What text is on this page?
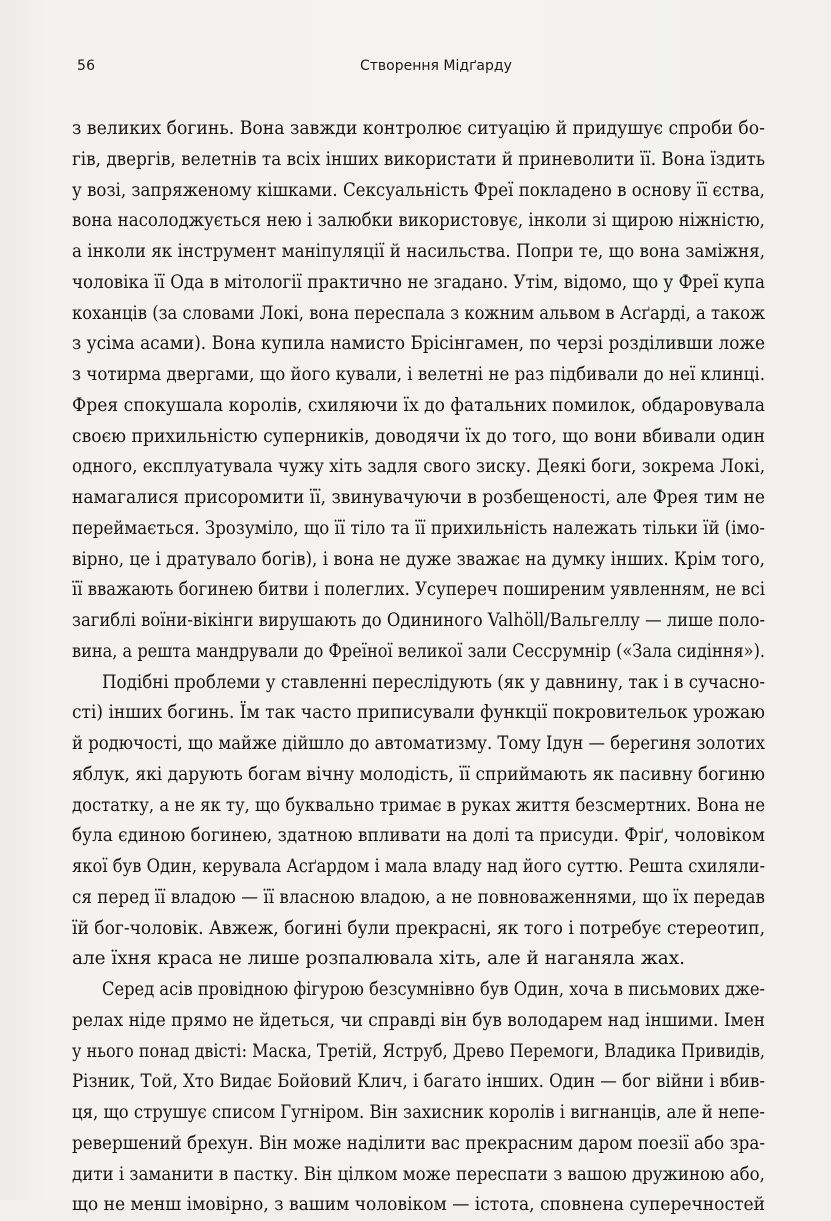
56	Створення Мідґарду
з великих богинь. Вона завжди контролює ситуацію й придушує спроби бо-
гів, двергів, велетнів та всіх інших використати й приневолити її. Вона їздить
у возі, запряженому кішками. Сексуальність Фреї покладено в основу її єства,
вона насолоджується нею і залюбки використовує, інколи зі щирою ніжністю,
а інколи як інструмент маніпуляції й насильства. Попри те, що вона заміжня,
чоловіка її Ода в мітології практично не згадано. Утім, відомо, що у Фреї купа
коханців (за словами Локі, вона переспала з кожним альвом в Асґарді, а також
з усіма асами). Вона купила намисто Брісінгамен, по черзі розділивши ложе
з чотирма двергами, що його кували, і велетні не раз підбивали до неї клинці.
Фрея спокушала королів, схиляючи їх до фатальних помилок, обдаровувала
своєю прихильністю суперників, доводячи їх до того, що вони вбивали один
одного, експлуатувала чужу хіть задля свого зиску. Деякі боги, зокрема Локі,
намагалися присоромити її, звинувачуючи в розбещеності, але Фрея тим не
переймається. Зрозуміло, що її тіло та її прихильність належать тільки їй (імо-
вірно, це і дратувало богів), і вона не дуже зважає на думку інших. Крім того,
її вважають богинею битви і полеглих. Усупереч поширеним уявленням, не всі
загиблі воїни-вікінги вирушають до Одининого Valhöll/Вальгеллу — лише поло-
вина, а решта мандрували до Фреїної великої зали Сессрумнір («Зала сидіння»).
Подібні проблеми у ставленні переслідують (як у давнину, так і в сучасно-
сті) інших богинь. Їм так часто приписували функції покровительок урожаю
й родючості, що майже дійшло до автоматизму. Тому Ідун — берегиня золотих
яблук, які дарують богам вічну молодість, її сприймають як пасивну богиню
достатку, а не як ту, що буквально тримає в руках життя безсмертних. Вона не
була єдиною богинею, здатною впливати на долі та присуди. Фріґ, чоловіком
якої був Один, керувала Асґардом і мала владу над його суттю. Решта схиляли-
ся перед її владою — її власною владою, а не повноваженнями, що їх передав
їй бог-чоловік. Авжеж, богині були прекрасні, як того і потребує стереотип,
але їхня краса не лише розпалювала хіть, але й наганяла жах.
Серед асів провідною фігурою безсумнівно був Один, хоча в письмових дже-
релах ніде прямо не йдеться, чи справді він був володарем над іншими. Імен
у нього понад двісті: Маска, Третій, Яструб, Древо Перемоги, Владика Привидів,
Різник, Той, Хто Видає Бойовий Клич, і багато інших. Один — бог війни і вбив-
ця, що струшує списом Гугніром. Він захисник королів і вигнанців, але й непе-
ревершений брехун. Він може наділити вас прекрасним даром поезії або зра-
дити і заманити в пастку. Він цілком може переспати з вашою дружиною або,
що не менш імовірно, з вашим чоловіком — істота, сповнена суперечностей
